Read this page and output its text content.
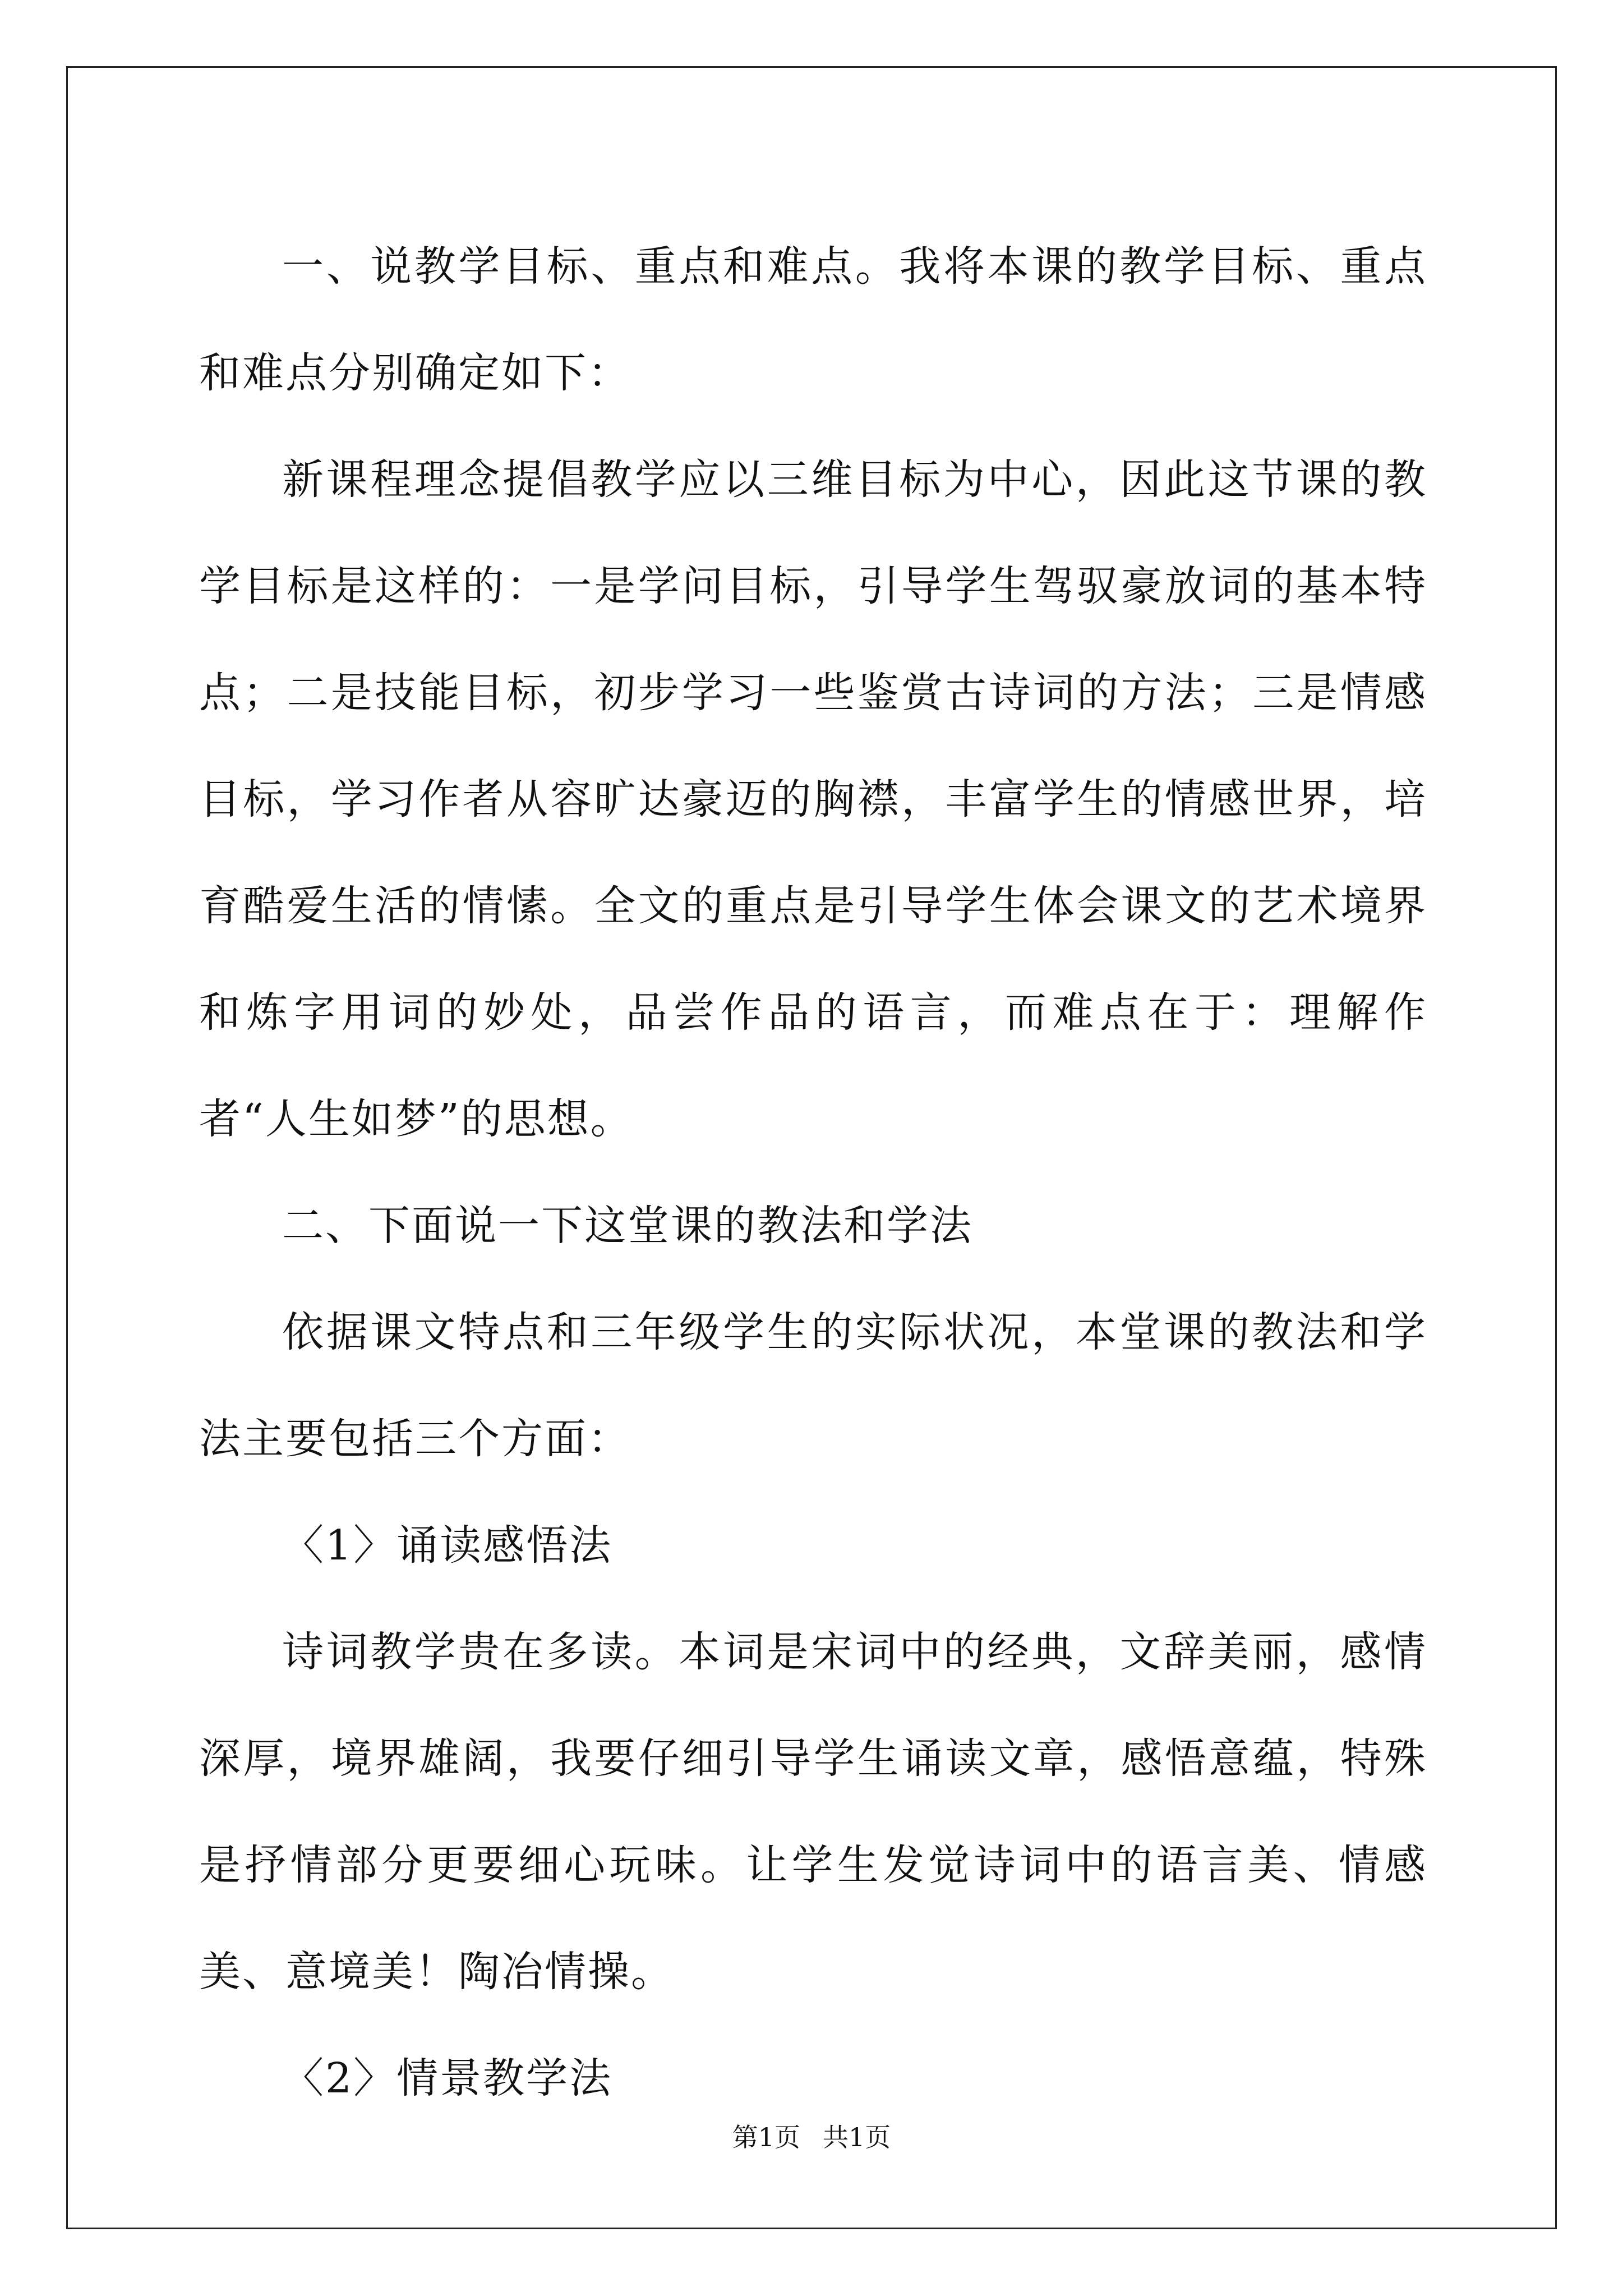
一、说教学目标、重点和难点。我将本课的教学目标、重点和难点分别确定如下：

新课程理念提倡教学应以三维目标为中心，因此这节课的教学目标是这样的：一是学问目标，引导学生驾驭豪放词的基本特点；二是技能目标，初步学习一些鉴赏古诗词的方法；三是情感目标，学习作者从容旷达豪迈的胸襟，丰富学生的情感世界，培育酷爱生活的情愫。全文的重点是引导学生体会课文的艺术境界和炼字用词的妙处，品尝作品的语言，而难点在于：理解作者“人生如梦”的思想。

二、下面说一下这堂课的教法和学法

依据课文特点和三年级学生的实际状况，本堂课的教法和学法主要包括三个方面：

〈1〉诵读感悟法

诗词教学贵在多读。本词是宋词中的经典，文辞美丽，感情深厚，境界雄阔，我要仔细引导学生诵读文章，感悟意蕴，特殊是抒情部分更要细心玩味。让学生发觉诗词中的语言美、情感美、意境美！陶冶情操。

〈2〉情景教学法

第1页 共1页
